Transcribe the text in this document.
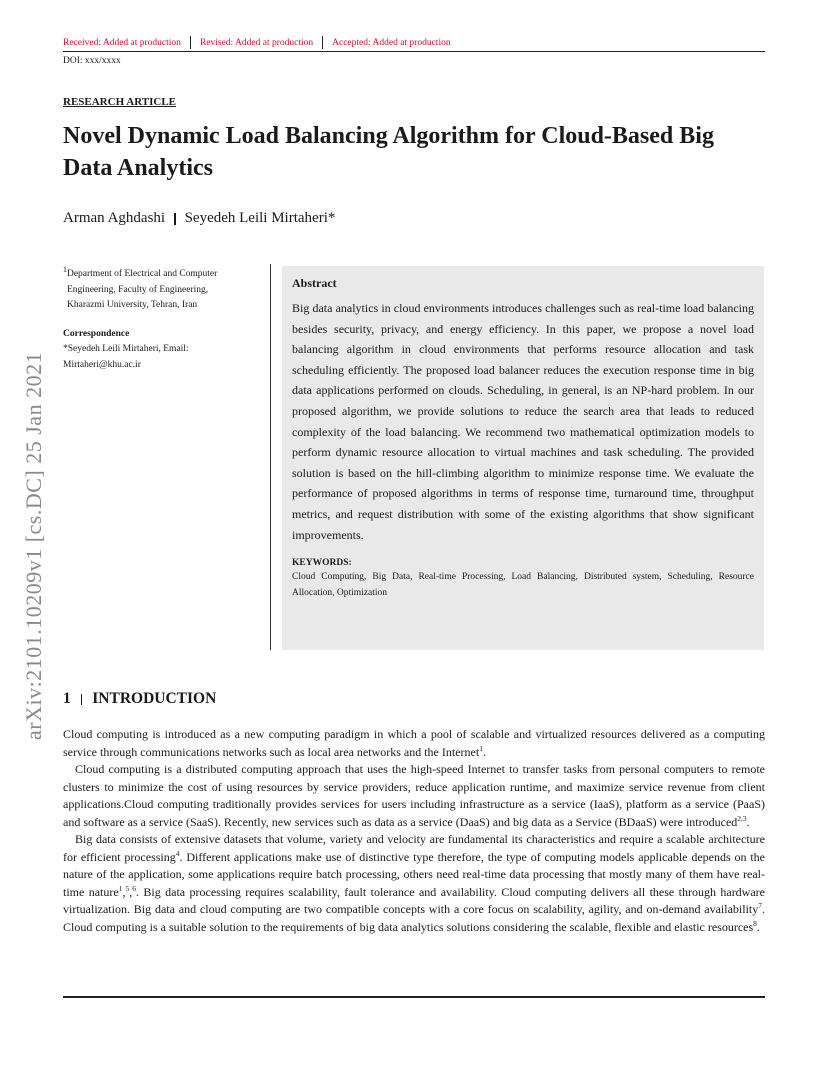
Received: Added at production Revised: Added at production Accepted: Added at production
DOI: xxx/xxxx
RESEARCH ARTICLE
Novel Dynamic Load Balancing Algorithm for Cloud-Based Big Data Analytics
Arman Aghdashi Seyedeh Leili Mirtaheri*
arXiv:2101.10209v1 [cs.DC] 25 Jan 2021
$^1$Department of Electrical and Computer
Engineering, Faculty of Engineering,
Kharazmi University, Tehran, Iran
Correspondence
*Seyedeh Leili Mirtaheri, Email:
Mirtaheri@khu.ac.ir
Abstract

Big data analytics in cloud environments introduces challenges such as real-time load balancing besides security, privacy, and energy efficiency. In this paper, we propose a novel load balancing algorithm in cloud environments that performs resource allocation and task scheduling efficiently. The proposed load balancer reduces the execution response time in big data applications performed on clouds. Scheduling, in general, is an NP-hard problem. In our proposed algorithm, we provide solutions to reduce the search area that leads to reduced complexity of the load balancing. We recommend two mathematical optimization models to perform dynamic resource allocation to virtual machines and task scheduling. The provided solution is based on the hill-climbing algorithm to minimize response time. We evaluate the performance of proposed algorithms in terms of response time, turnaround time, throughput metrics, and request distribution with some of the existing algorithms that show significant improvements.

KEYWORDS:

Cloud Computing, Big Data, Real-time Processing, Load Balancing, Distributed system, Scheduling, Resource Allocation, Optimization

1 INTRODUCTION

Cloud computing is introduced as a new computing paradigm in which a pool of scalable and virtualized resources delivered as a computing service through communications networks such as local area networks and the Internet$^1$.

Cloud computing is a distributed computing approach that uses the high-speed Internet to transfer tasks from personal computers to remote clusters to minimize the cost of using resources by service providers, reduce application runtime, and maximize service revenue from client applications.Cloud computing traditionally provides services for users including infrastructure as a service (IaaS), platform as a service (PaaS) and software as a service (SaaS). Recently, new services such as data as a service (DaaS) and big data as a Service (BDaaS) were introduced$^{2,3}$.

Big data consists of extensive datasets that volume, variety and velocity are fundamental its characteristics and require a scalable architecture for efficient processing$^4$. Different applications make use of distinctive type therefore, the type of computing models applicable depends on the nature of the application, some applications require batch processing, others need real-time data processing that mostly many of them have real-time nature$^1$,$^5$,$^6$. Big data processing requires scalability, fault tolerance and availability. Cloud computing delivers all these through hardware virtualization. Big data and cloud computing are two compatible concepts with a core focus on scalability, agility, and on-demand availability$^7$. Cloud computing is a suitable solution to the requirements of big data analytics solutions considering the scalable, flexible and elastic resources$^8$.
